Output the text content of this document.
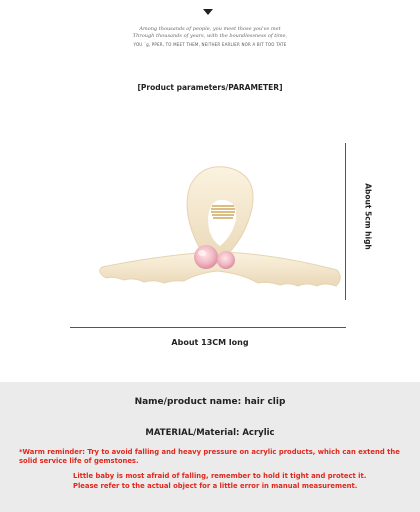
Among thousands of people, you meet those you've met
Through thousands of years, with the boundlessness of time,
YOU ´g, PPER, TO MEET THEM, NEITHER EARLIER NOR A BIT TOO TATE
[Product parameters/PARAMETER]
About 5cm high
About 13CM long
Name/product name: hair clip
MATERIAL/Material: Acrylic
*Warm reminder: Try to avoid falling and heavy pressure on acrylic products, which can extend the solid service life of gemstones.
Little baby is most afraid of falling, remember to hold it tight and protect it. Please refer to the actual object for a little error in manual measurement.
